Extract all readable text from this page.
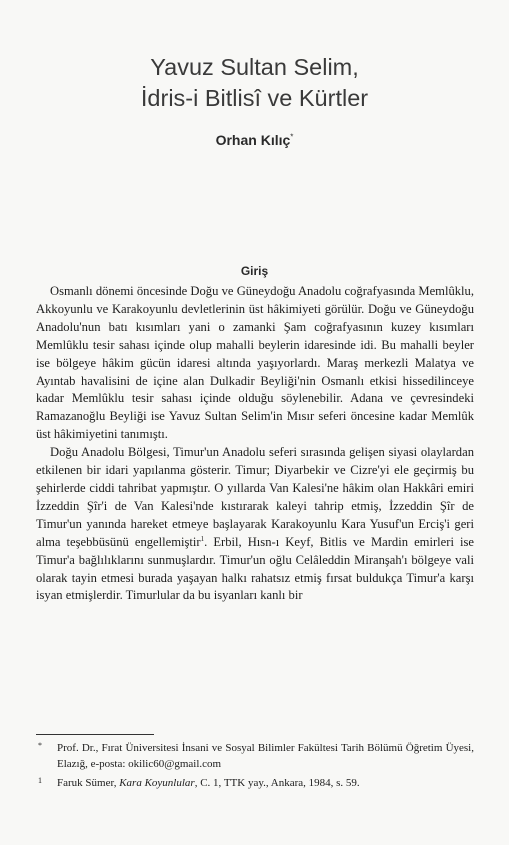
Yavuz Sultan Selim,
İdris-i Bitlisî ve Kürtler
Orhan Kılıç*
Giriş

Osmanlı dönemi öncesinde Doğu ve Güneydoğu Anadolu coğrafyasında Memlûklu, Akkoyunlu ve Karakoyunlu devletlerinin üst hâkimiyeti görülür. Doğu ve Güneydoğu Anadolu'nun batı kısımları yani o zamanki Şam coğrafyasının kuzey kısımları Memlûklu tesir sahası içinde olup mahalli beylerin idaresinde idi. Bu mahalli beyler ise bölgeye hâkim gücün idaresi altında yaşıyorlardı. Maraş merkezli Malatya ve Ayıntab havalisini de içine alan Dulkadir Beyliği'nin Osmanlı etkisi hissedilinceye kadar Memlûklu tesir sahası içinde olduğu söylenebilir. Adana ve çevresindeki Ramazanoğlu Beyliği ise Yavuz Sultan Selim'in Mısır seferi öncesine kadar Memlûk üst hâkimiyetini tanımıştı.

Doğu Anadolu Bölgesi, Timur'un Anadolu seferi sırasında gelişen siyasi olaylardan etkilenen bir idari yapılanma gösterir. Timur; Diyarbekir ve Cizre'yi ele geçirmiş bu şehirlerde ciddi tahribat yapmıştır. O yıllarda Van Kalesi'ne hâkim olan Hakkâri emiri İzzeddin Şîr'i de Van Kalesi'nde kıstırarak kaleyi tahrip etmiş, İzzeddin Şîr de Timur'un yanında hareket etmeye başlayarak Karakoyunlu Kara Yusuf'un Erciş'i geri alma teşebbüsünü engellemiştir$^1$. Erbil, Hısn-ı Keyf, Bitlis ve Mardin emirleri ise Timur'a bağlılıklarını sunmuşlardır. Timur'un oğlu Celâleddin Miranşah'ı bölgeye vali olarak tayin etmesi burada yaşayan halkı rahatsız etmiş fırsat buldukça Timur'a karşı isyan etmişlerdir. Timurlular da bu isyanları kanlı bir

* Prof. Dr., Fırat Üniversitesi İnsani ve Sosyal Bilimler Fakültesi Tarih Bölümü Öğretim Üyesi, Elazığ, e-posta: okilic60@gmail.com
1 Faruk Sümer, Kara Koyunlular, C. 1, TTK yay., Ankara, 1984, s. 59.
